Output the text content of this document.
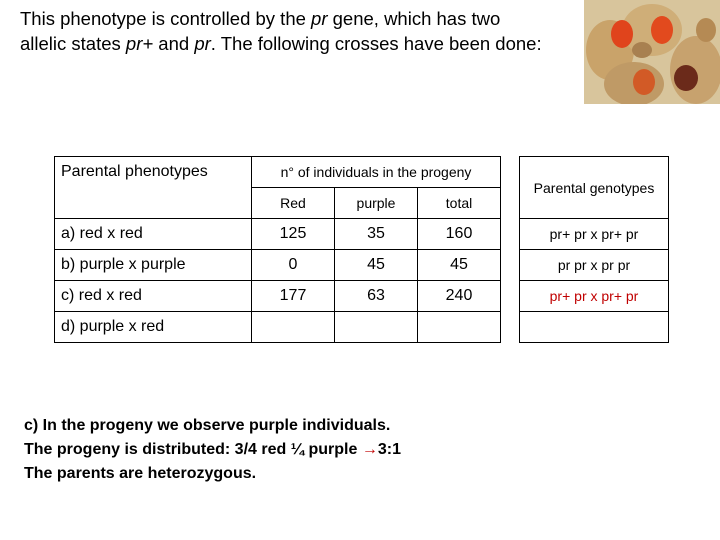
This phenotype is controlled by the pr gene, which has two
allelic states pr+ and pr. The following crosses have been done:
Parental phenotypes	n° of individuals in the progeny				Parental genotypes
	Red	purple	total		
a) red x red	125	35	160		pr+ pr x pr+ pr
b) purple x purple	0	45	45		pr pr x pr pr
c) red x red	177	63	240		pr+ pr x pr+ pr
d) purple x red					
c) In the progeny we observe purple individuals.
The progeny is distributed: 3/4 red ¼ purple →3:1
The parents are heterozygous.
